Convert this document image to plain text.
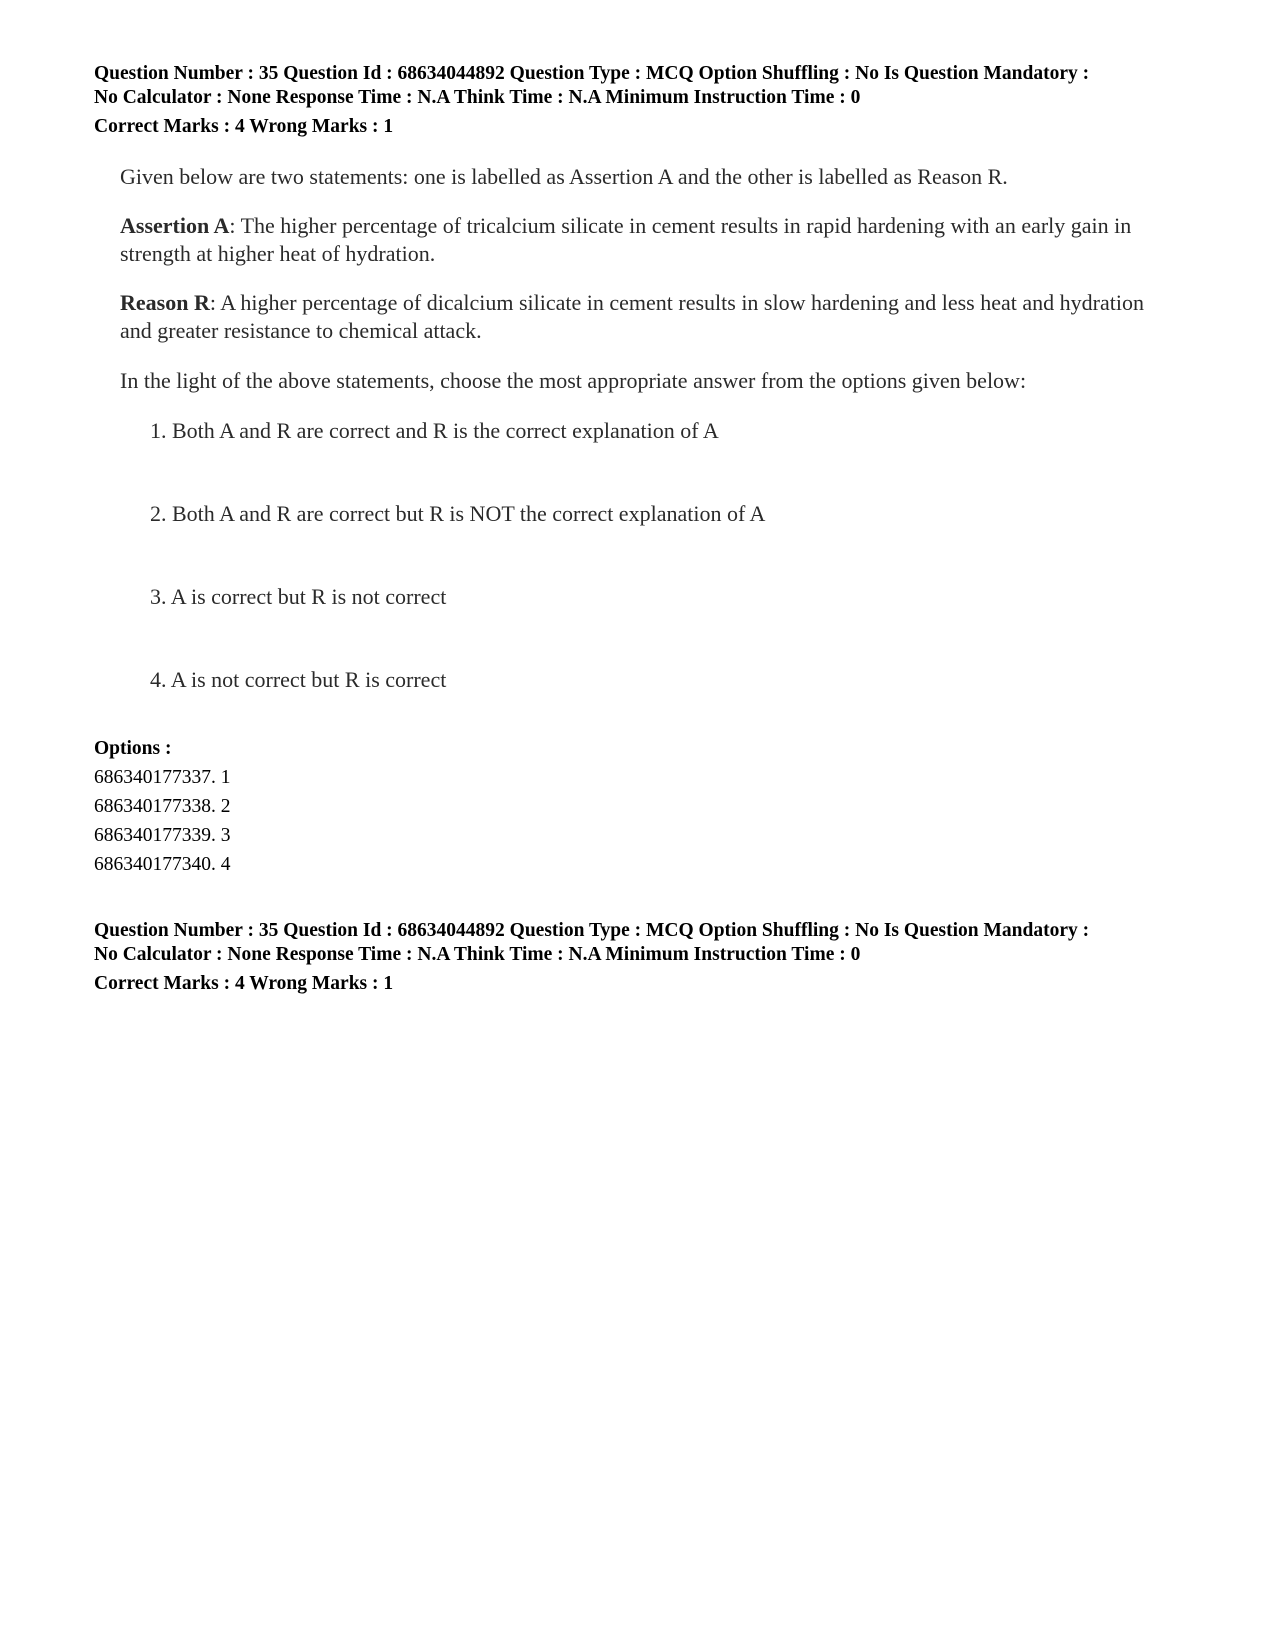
Question Number : 35 Question Id : 68634044892 Question Type : MCQ Option Shuffling : No Is Question Mandatory :
No Calculator : None Response Time : N.A Think Time : N.A Minimum Instruction Time : 0
Correct Marks : 4 Wrong Marks : 1

Given below are two statements: one is labelled as Assertion A and the other is labelled as Reason R.

Assertion A: The higher percentage of tricalcium silicate in cement results in rapid hardening with an early gain in strength at higher heat of hydration.

Reason R: A higher percentage of dicalcium silicate in cement results in slow hardening and less heat and hydration and greater resistance to chemical attack.

In the light of the above statements, choose the most appropriate answer from the options given below:

1. Both A and R are correct and R is the correct explanation of A
2. Both A and R are correct but R is NOT the correct explanation of A
3. A is correct but R is not correct
4. A is not correct but R is correct
Options :
686340177337. 1
686340177338. 2
686340177339. 3
686340177340. 4
Question Number : 35 Question Id : 68634044892 Question Type : MCQ Option Shuffling : No Is Question Mandatory :
No Calculator : None Response Time : N.A Think Time : N.A Minimum Instruction Time : 0
Correct Marks : 4 Wrong Marks : 1
